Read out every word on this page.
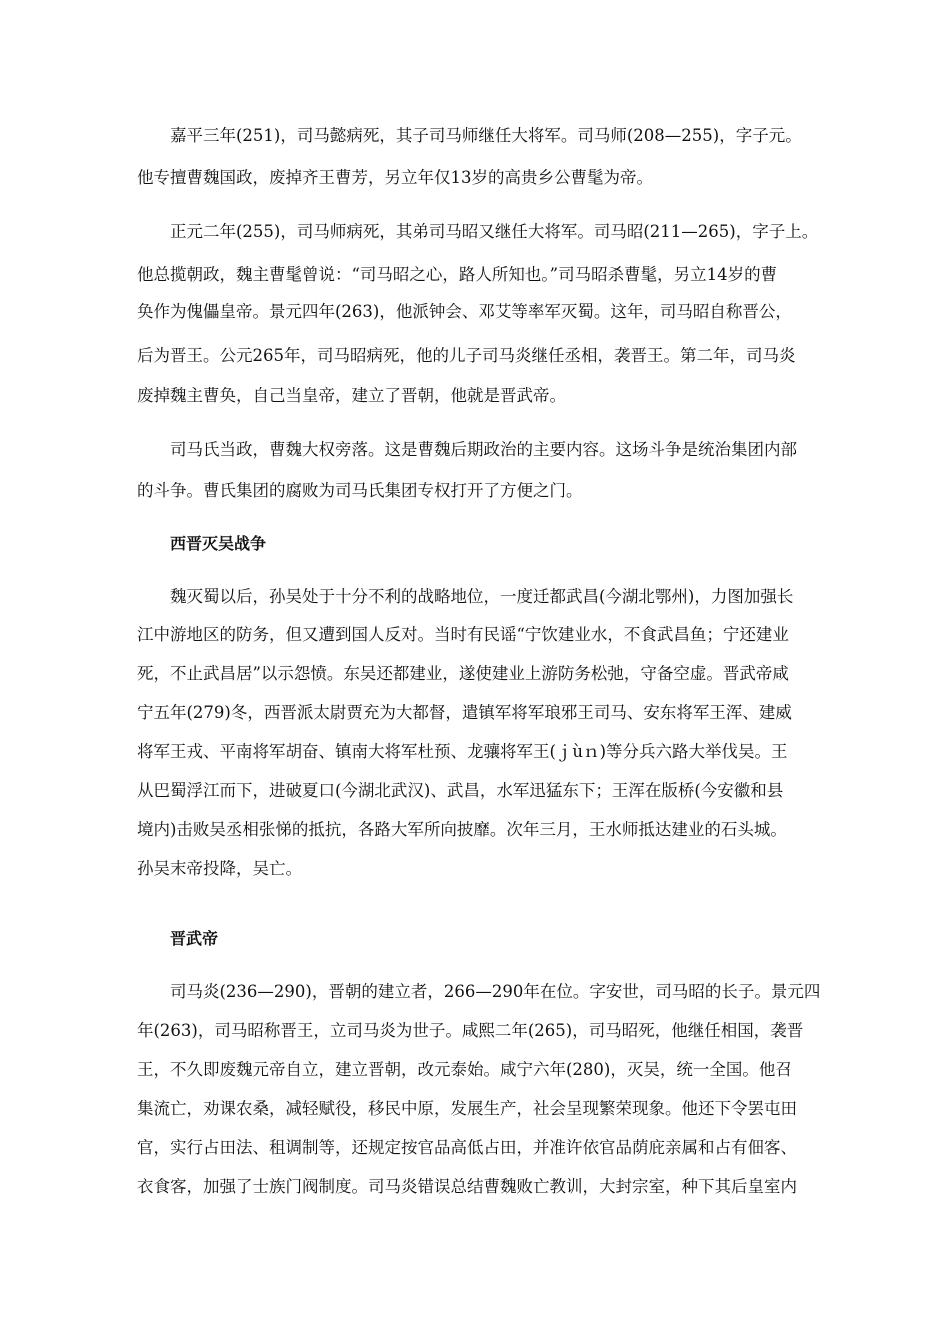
嘉平三年(251)，司马懿病死，其子司马师继任大将军。司马师(208—255)，字子元。
他专擅曹魏国政，废掉齐王曹芳，另立年仅13岁的高贵乡公曹髦为帝。
正元二年(255)，司马师病死，其弟司马昭又继任大将军。司马昭(211—265)，字子上。
他总揽朝政，魏主曹髦曾说：“司马昭之心，路人所知也。”司马昭杀曹髦，另立14岁的曹
奂作为傀儡皇帝。景元四年(263)，他派钟会、邓艾等率军灭蜀。这年，司马昭自称晋公，
后为晋王。公元265年，司马昭病死，他的儿子司马炎继任丞相，袭晋王。第二年，司马炎
废掉魏主曹奂，自己当皇帝，建立了晋朝，他就是晋武帝。
司马氏当政，曹魏大权旁落。这是曹魏后期政治的主要内容。这场斗争是统治集团内部
的斗争。曹氏集团的腐败为司马氏集团专权打开了方便之门。
西晋灭吴战争
魏灭蜀以后，孙吴处于十分不利的战略地位，一度迁都武昌(今湖北鄂州)，力图加强长
江中游地区的防务，但又遭到国人反对。当时有民谣“宁饮建业水，不食武昌鱼；宁还建业
死，不止武昌居”以示怨愤。东吴还都建业，遂使建业上游防务松弛，守备空虚。晋武帝咸
宁五年(279)冬，西晋派太尉贾充为大都督，遣镇军将军琅邪王司马、安东将军王浑、建威
将军王戎、平南将军胡奋、镇南大将军杜预、龙骧将军王(ｊùｎ)等分兵六路大举伐吴。王
从巴蜀浮江而下，进破夏口(今湖北武汉)、武昌，水军迅猛东下；王浑在版桥(今安徽和县
境内)击败吴丞相张悌的抵抗，各路大军所向披靡。次年三月，王水师抵达建业的石头城。
孙吴末帝投降，吴亡。
晋武帝
司马炎(236—290)，晋朝的建立者，266—290年在位。字安世，司马昭的长子。景元四
年(263)，司马昭称晋王，立司马炎为世子。咸熙二年(265)，司马昭死，他继任相国，袭晋
王，不久即废魏元帝自立，建立晋朝，改元泰始。咸宁六年(280)，灭吴，统一全国。他召
集流亡，劝课农桑，减轻赋役，移民中原，发展生产，社会呈现繁荣现象。他还下令罢屯田
官，实行占田法、租调制等，还规定按官品高低占田，并准许依官品荫庇亲属和占有佃客、
衣食客，加强了士族门阀制度。司马炎错误总结曹魏败亡教训，大封宗室，种下其后皇室内
